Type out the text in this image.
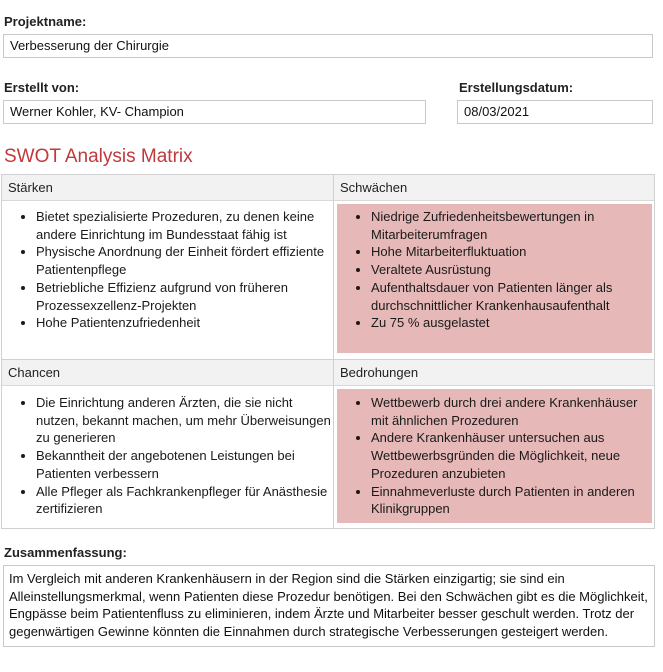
Projektname:
Verbesserung der Chirurgie
Erstellt von:
Werner Kohler, KV- Champion
Erstellungsdatum:
08/03/2021
SWOT Analysis Matrix
Stärken
• Bietet spezialisierte Prozeduren, zu denen keine andere Einrichtung im Bundesstaat fähig ist
• Physische Anordnung der Einheit fördert effiziente Patientenpflege
• Betriebliche Effizienz aufgrund von früheren Prozessexzellenz-Projekten
• Hohe Patientenzufriedenheit
Schwächen
• Niedrige Zufriedenheitsbewertungen in Mitarbeiterumfragen
• Hohe Mitarbeiterfluktuation
• Veraltete Ausrüstung
• Aufenthaltsdauer von Patienten länger als durchschnittlicher Krankenhausaufenthalt
• Zu 75 % ausgelastet
Chancen
• Die Einrichtung anderen Ärzten, die sie nicht nutzen, bekannt machen, um mehr Überweisungen zu generieren
• Bekanntheit der angebotenen Leistungen bei Patienten verbessern
• Alle Pfleger als Fachkrankenpfleger für Anästhesie zertifizieren
Bedrohungen
• Wettbewerb durch drei andere Krankenhäuser mit ähnlichen Prozeduren
• Andere Krankenhäuser untersuchen aus Wettbewerbsgründen die Möglichkeit, neue Prozeduren anzubieten
• Einnahmeverluste durch Patienten in anderen Klinikgruppen
Zusammenfassung:
Im Vergleich mit anderen Krankenhäusern in der Region sind die Stärken einzigartig; sie sind ein Alleinstellungsmerkmal, wenn Patienten diese Prozedur benötigen. Bei den Schwächen gibt es die Möglichkeit, Engpässe beim Patientenfluss zu eliminieren, indem Ärzte und Mitarbeiter besser geschult werden. Trotz der gegenwärtigen Gewinne könnten die Einnahmen durch strategische Verbesserungen gesteigert werden.
